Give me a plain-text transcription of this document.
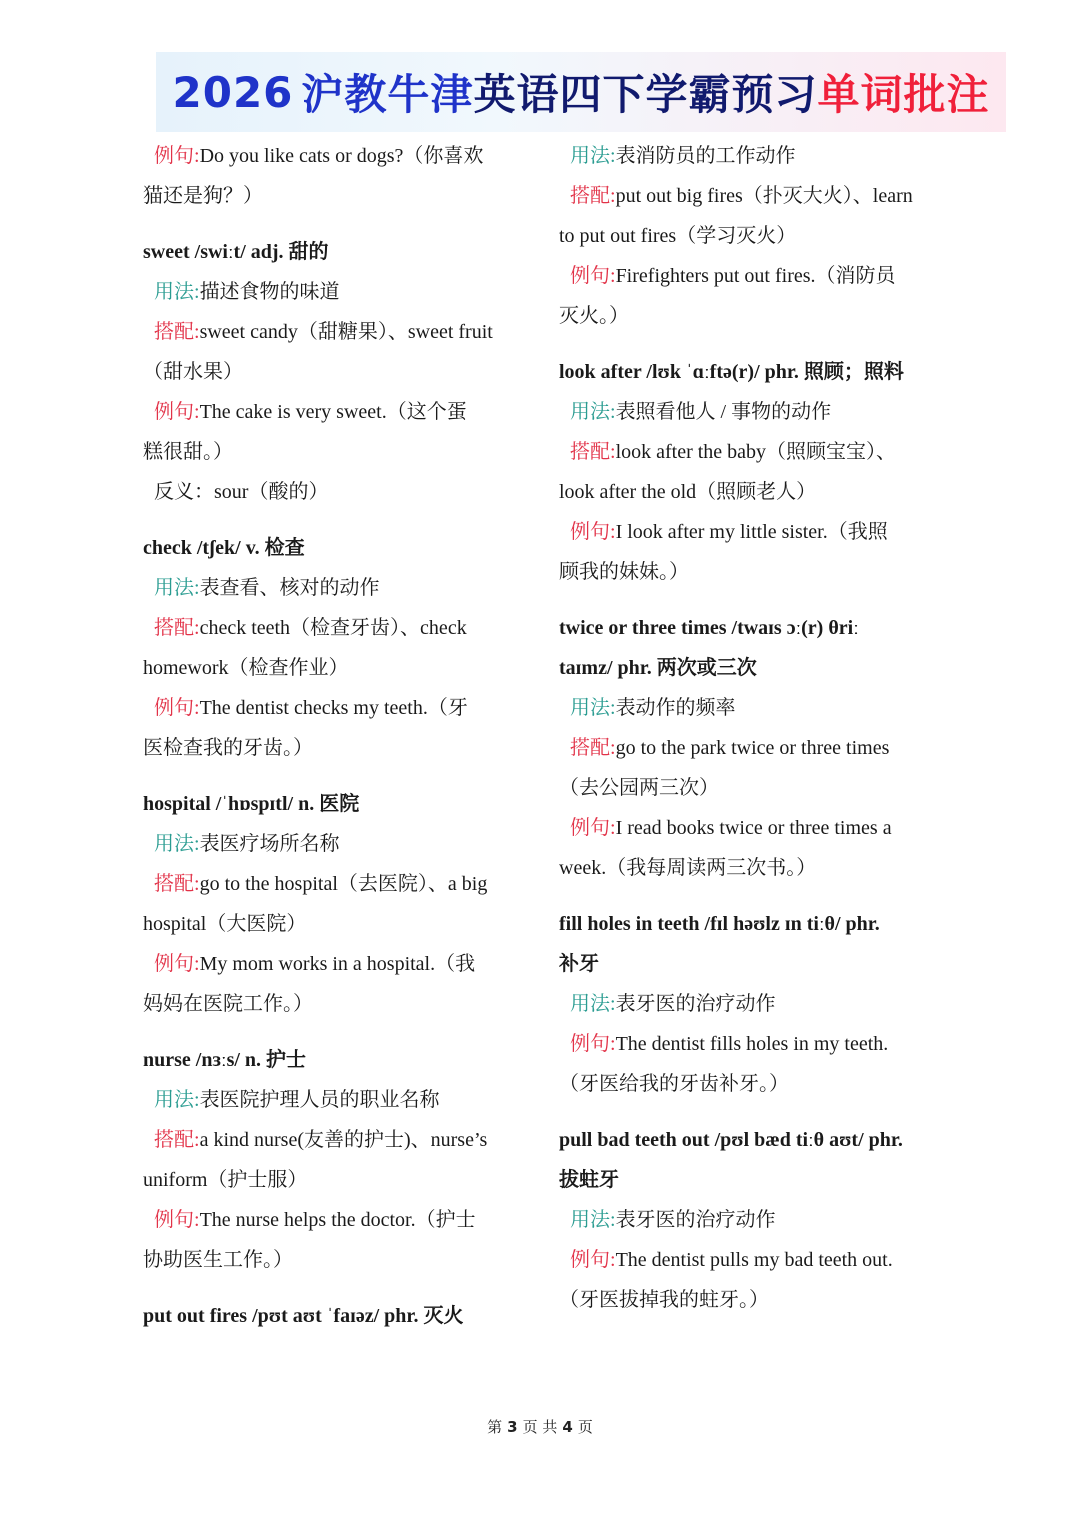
2026 沪教牛津 英语四下学霸预习 单词批注
例句:Do you like cats or dogs?（你喜欢
猫还是狗？）
sweet /swiːt/ adj. 甜的
用法:描述食物的味道
搭配:sweet candy（甜糖果）、sweet fruit
（甜水果）
例句:The cake is very sweet.（这个蛋
糕很甜。）
反义：sour（酸的）
check /tʃek/ v. 检查
用法:表查看、核对的动作
搭配:check teeth（检查牙齿）、check
homework（检查作业）
例句:The dentist checks my teeth.（牙
医检查我的牙齿。）
hospital /ˈhɒspɪtl/ n. 医院
用法:表医疗场所名称
搭配:go to the hospital（去医院）、a big
hospital（大医院）
例句:My mom works in a hospital.（我
妈妈在医院工作。）
nurse /nɜːs/ n. 护士
用法:表医院护理人员的职业名称
搭配:a kind nurse(友善的护士)、nurse’s
uniform（护士服）
例句:The nurse helps the doctor.（护士
协助医生工作。）
put out fires /pʊt aʊt ˈfaɪəz/ phr. 灭火
用法:表消防员的工作动作
搭配:put out big fires（扑灭大火）、learn
to put out fires（学习灭火）
例句:Firefighters put out fires.（消防员
灭火。）
look after /lʊk ˈɑːftə(r)/ phr. 照顾；照料
用法:表照看他人 / 事物的动作
搭配:look after the baby（照顾宝宝）、
look after the old（照顾老人）
例句:I look after my little sister.（我照
顾我的妹妹。）
twice or three times /twaɪs ɔː(r) θriː
taɪmz/ phr. 两次或三次
用法:表动作的频率
搭配:go to the park twice or three times
（去公园两三次）
例句:I read books twice or three times a
week.（我每周读两三次书。）
fill holes in teeth /fɪl həʊlz ɪn tiːθ/ phr.
补牙
用法:表牙医的治疗动作
例句:The dentist fills holes in my teeth.
（牙医给我的牙齿补牙。）
pull bad teeth out /pʊl bæd tiːθ aʊt/ phr.
拔蛀牙
用法:表牙医的治疗动作
例句:The dentist pulls my bad teeth out.
（牙医拔掉我的蛀牙。）
第 3 页 共 4 页
